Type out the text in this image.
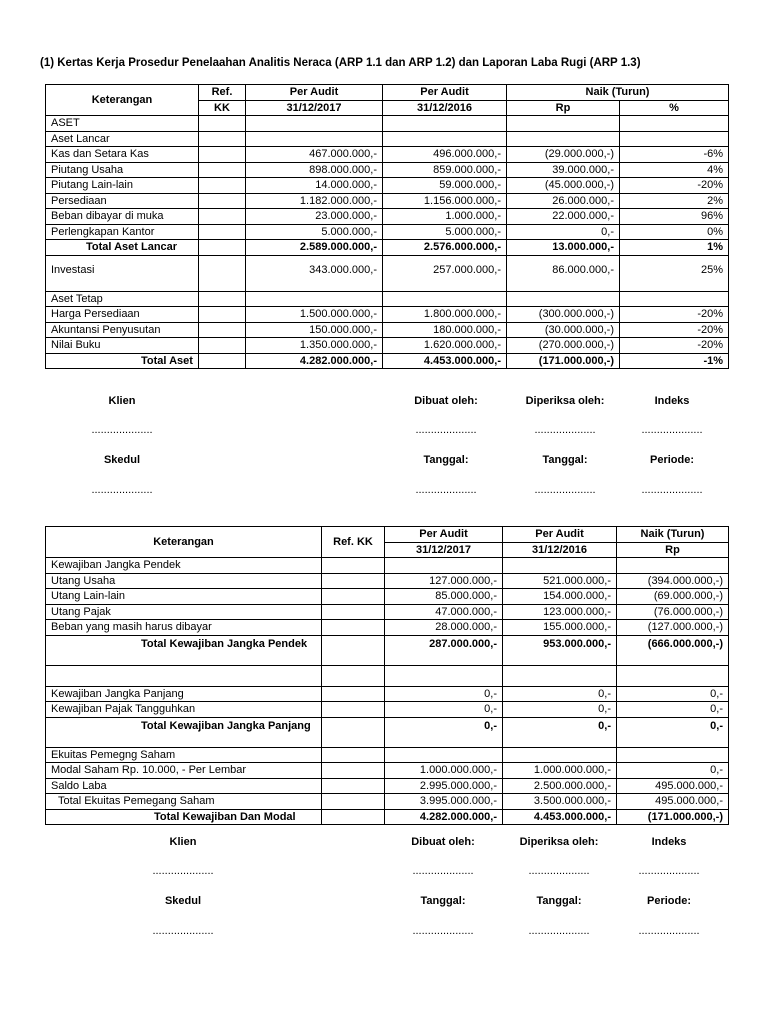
(1) Kertas Kerja Prosedur Penelaahan Analitis Neraca (ARP 1.1 dan ARP 1.2) dan Laporan Laba Rugi (ARP 1.3)
Keterangan	Ref.	Per Audit	Per Audit	Naik (Turun)	
	KK	31/12/2017	31/12/2016	Rp	%
ASET					
Aset Lancar					
Kas dan Setara Kas		467.000.000,-	496.000.000,-	(29.000.000,-)	-6%
Piutang Usaha		898.000.000,-	859.000.000,-	39.000.000,-	4%
Piutang Lain-lain		14.000.000,-	59.000.000,-	(45.000.000,-)	-20%
Persediaan		1.182.000.000,-	1.156.000.000,-	26.000.000,-	2%
Beban dibayar di muka		23.000.000,-	1.000.000,-	22.000.000,-	96%
Perlengkapan Kantor		5.000.000,-	5.000.000,-	0,-	0%
Total Aset Lancar		2.589.000.000,-	2.576.000.000,-	13.000.000,-	1%
Investasi		343.000.000,-	257.000.000,-	86.000.000,-	25%
Aset Tetap					
Harga Persediaan		1.500.000.000,-	1.800.000.000,-	(300.000.000,-)	-20%
Akuntansi Penyusutan		150.000.000,-	180.000.000,-	(30.000.000,-)	-20%
Nilai Buku		1.350.000.000,-	1.620.000.000,-	(270.000.000,-)	-20%
Total Aset		4.282.000.000,-	4.453.000.000,-	(171.000.000,-)	-1%
Klien	Dibuat oleh:	Diperiksa oleh:	Indeks
....................	....................	....................	....................
Skedul	Tanggal:	Tanggal:	Periode:
....................	....................	....................	....................
Keterangan	Ref. KK	Per Audit	Per Audit	Naik (Turun)
		31/12/2017	31/12/2016	Rp
Kewajiban Jangka Pendek				
Utang Usaha		127.000.000,-	521.000.000,-	(394.000.000,-)
Utang Lain-lain		85.000.000,-	154.000.000,-	(69.000.000,-)
Utang Pajak		47.000.000,-	123.000.000,-	(76.000.000,-)
Beban yang masih harus dibayar		28.000.000,-	155.000.000,-	(127.000.000,-)
Total Kewajiban Jangka Pendek		287.000.000,-	953.000.000,-	(666.000.000,-)

Kewajiban Jangka Panjang		0,-	0,-	0,-
Kewajiban Pajak Tangguhkan		0,-	0,-	0,-
Total Kewajiban Jangka Panjang		0,-	0,-	0,-
Ekuitas Pemegng Saham				
Modal Saham Rp. 10.000, - Per Lembar		1.000.000.000,-	1.000.000.000,-	0,-
Saldo Laba		2.995.000.000,-	2.500.000.000,-	495.000.000,-
Total Ekuitas Pemegang Saham		3.995.000.000,-	3.500.000.000,-	495.000.000,-
Total Kewajiban Dan Modal		4.282.000.000,-	4.453.000.000,-	(171.000.000,-)
Klien	Dibuat oleh:	Diperiksa oleh:	Indeks
....................	....................	....................	....................
Skedul	Tanggal:	Tanggal:	Periode:
....................	....................	....................	....................
